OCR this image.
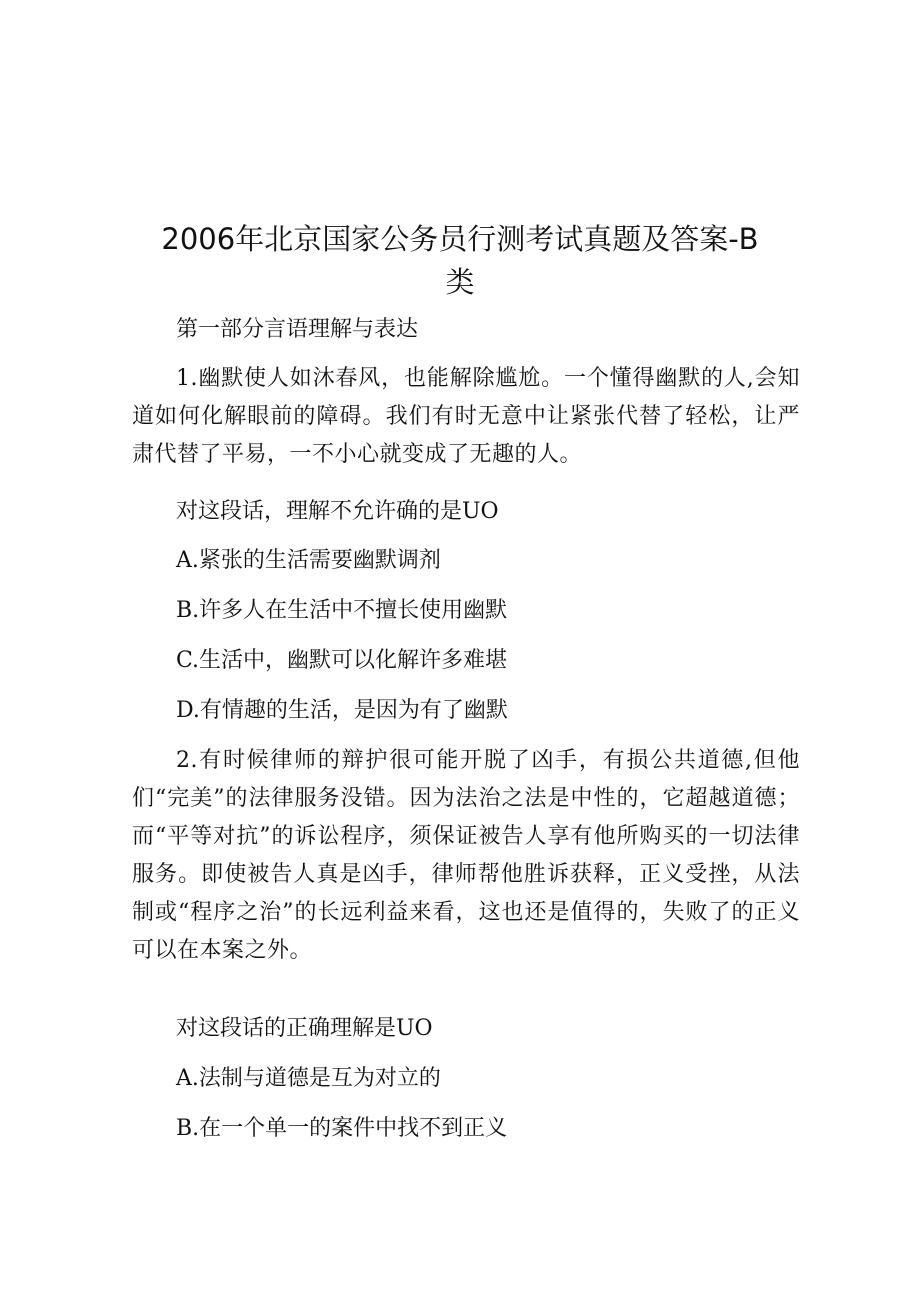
2006年北京国家公务员行测考试真题及答案-B类

第一部分言语理解与表达

1.幽默使人如沐春风，也能解除尴尬。一个懂得幽默的人,会知道如何化解眼前的障碍。我们有时无意中让紧张代替了轻松，让严肃代替了平易，一不小心就变成了无趣的人。

对这段话，理解不允许确的是UO

A.紧张的生活需要幽默调剂

B.许多人在生活中不擅长使用幽默

C.生活中，幽默可以化解许多难堪

D.有情趣的生活，是因为有了幽默

2.有时候律师的辩护很可能开脱了凶手，有损公共道德,但他们“完美”的法律服务没错。因为法治之法是中性的，它超越道德；而“平等对抗”的诉讼程序，须保证被告人享有他所购买的一切法律服务。即使被告人真是凶手，律师帮他胜诉获释，正义受挫，从法制或“程序之治”的长远利益来看，这也还是值得的，失败了的正义可以在本案之外。

对这段话的正确理解是UO

A.法制与道德是互为对立的

B.在一个单一的案件中找不到正义
